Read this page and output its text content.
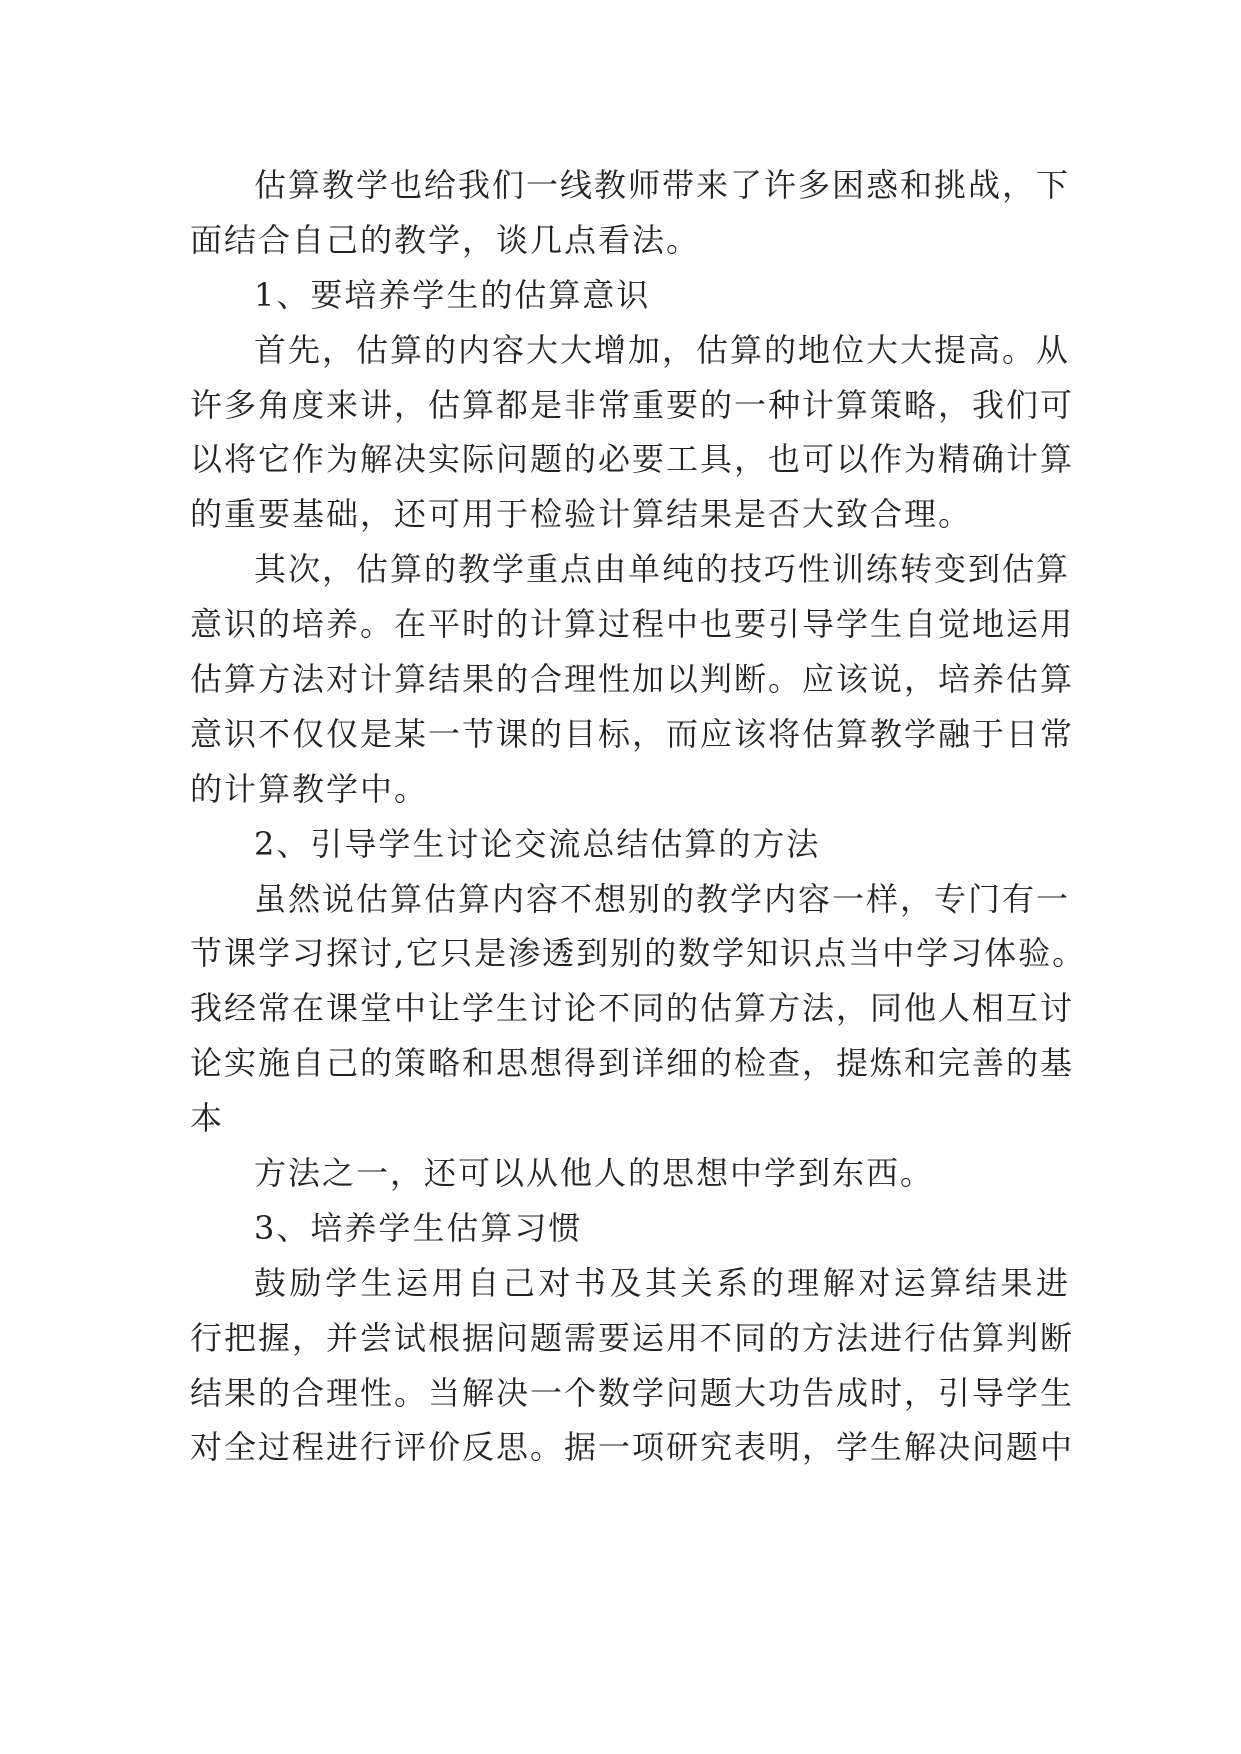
估算教学也给我们一线教师带来了许多困惑和挑战，下
面结合自己的教学，谈几点看法。
1、要培养学生的估算意识
首先，估算的内容大大增加，估算的地位大大提高。从
许多角度来讲，估算都是非常重要的一种计算策略，我们可
以将它作为解决实际问题的必要工具，也可以作为精确计算
的重要基础，还可用于检验计算结果是否大致合理。
其次，估算的教学重点由单纯的技巧性训练转变到估算
意识的培养。在平时的计算过程中也要引导学生自觉地运用
估算方法对计算结果的合理性加以判断。应该说，培养估算
意识不仅仅是某一节课的目标，而应该将估算教学融于日常
的计算教学中。
2、引导学生讨论交流总结估算的方法
虽然说估算估算内容不想别的教学内容一样，专门有一
节课学习探讨,它只是渗透到别的数学知识点当中学习体验。
我经常在课堂中让学生讨论不同的估算方法，同他人相互讨
论实施自己的策略和思想得到详细的检查，提炼和完善的基
本
方法之一，还可以从他人的思想中学到东西。
3、培养学生估算习惯
鼓励学生运用自己对书及其关系的理解对运算结果进
行把握，并尝试根据问题需要运用不同的方法进行估算判断
结果的合理性。当解决一个数学问题大功告成时，引导学生
对全过程进行评价反思。据一项研究表明，学生解决问题中
